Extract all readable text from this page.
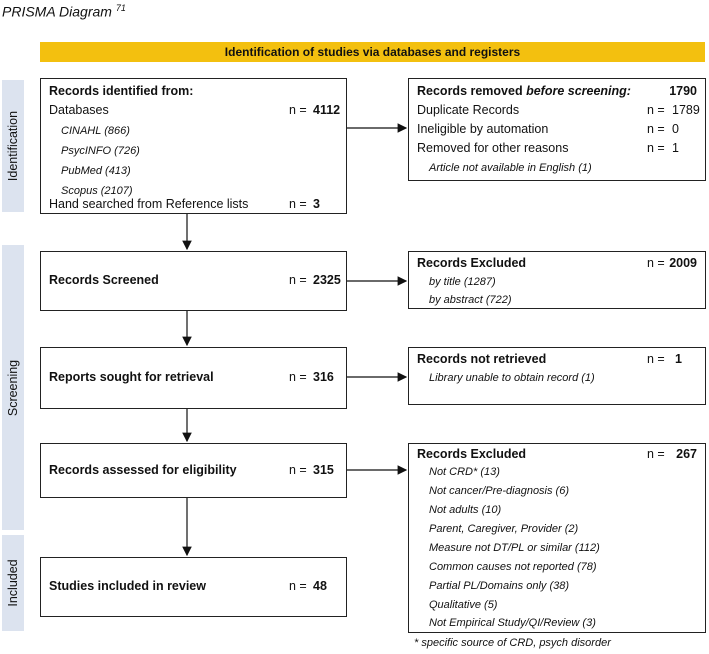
PRISMA Diagram $^{71}$
Identification of studies via databases and registers
Identification
Screening
Included
Records identified from:
Databases	n = 4112
CINAHL (866)
PsycINFO (726)
PubMed (413)
Scopus (2107)
Hand searched from Reference lists	n = 3
Records removed before screening:	1790
Duplicate Records	n = 1789
Ineligible by automation	n = 0
Removed for other reasons	n = 1
Article not available in English (1)
Records Screened	n = 2325
Records Excluded	n = 2009
by title (1287)
by abstract (722)
Reports sought for retrieval	n = 316
Records not retrieved	n = 1
Library unable to obtain record (1)
Records assessed for eligibility	n = 315
Records Excluded	n = 267
Not CRD* (13)
Not cancer/Pre-diagnosis (6)
Not adults (10)
Parent, Caregiver, Provider (2)
Measure not DT/PL or similar (112)
Common causes not reported (78)
Partial PL/Domains only (38)
Qualitative (5)
Not Empirical Study/QI/Review (3)
Studies included in review	n = 48
* specific source of CRD, psych disorder
